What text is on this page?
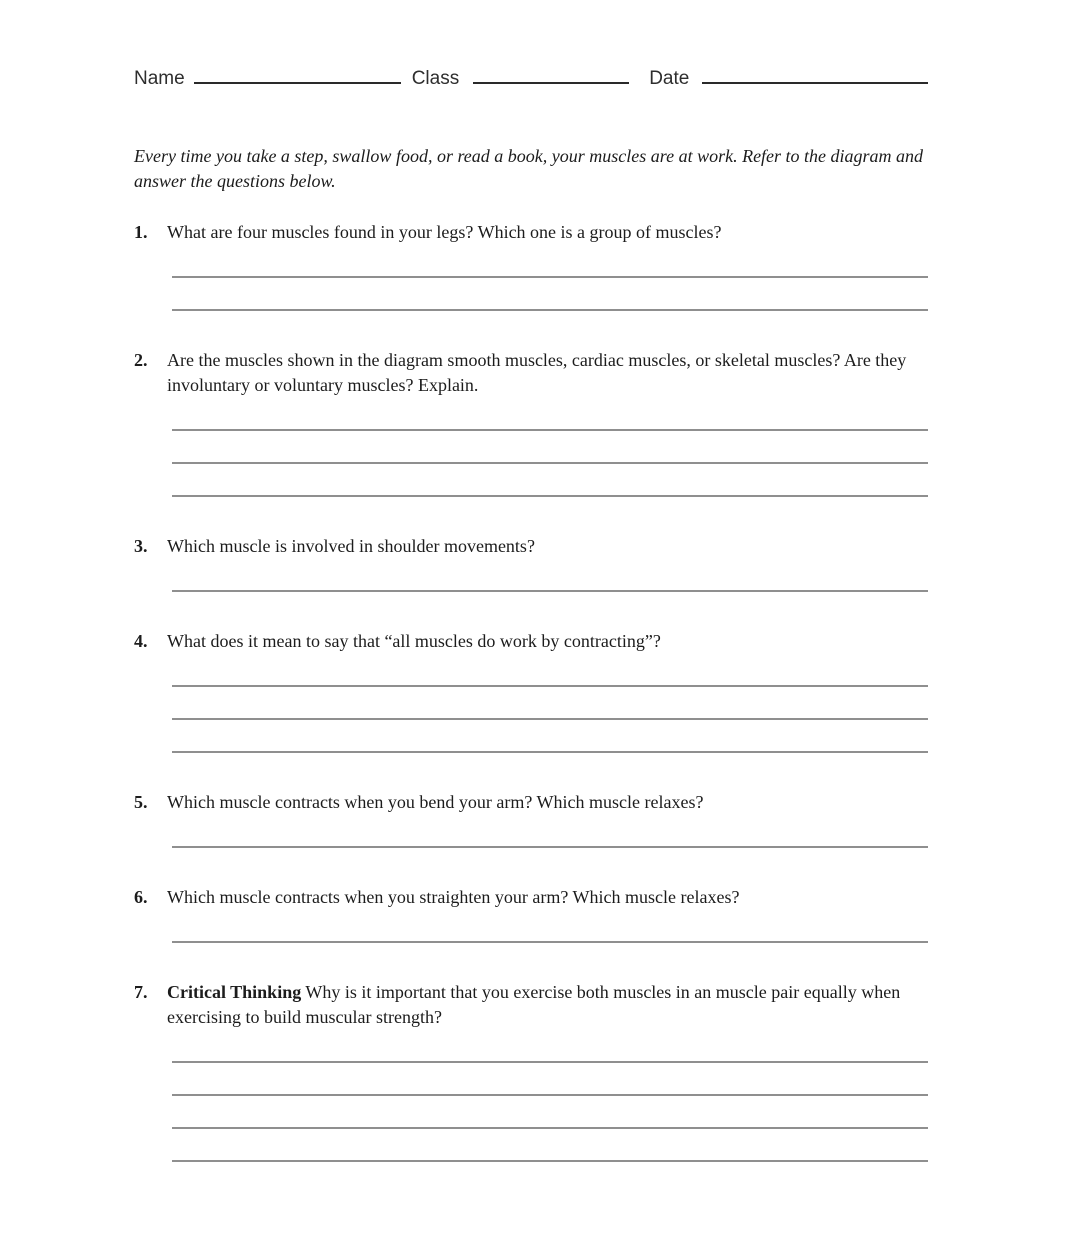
Name	Class	Date
Every time you take a step, swallow food, or read a book, your muscles are at work. Refer to the diagram and answer the questions below.
1.	What are four muscles found in your legs? Which one is a group of muscles?
2.	Are the muscles shown in the diagram smooth muscles, cardiac muscles, or skeletal muscles? Are they involuntary or voluntary muscles? Explain.
3.	Which muscle is involved in shoulder movements?
4.	What does it mean to say that “all muscles do work by contracting”?
5.	Which muscle contracts when you bend your arm? Which muscle relaxes?
6.	Which muscle contracts when you straighten your arm? Which muscle relaxes?
7.	Critical Thinking Why is it important that you exercise both muscles in an muscle pair equally when exercising to build muscular strength?
